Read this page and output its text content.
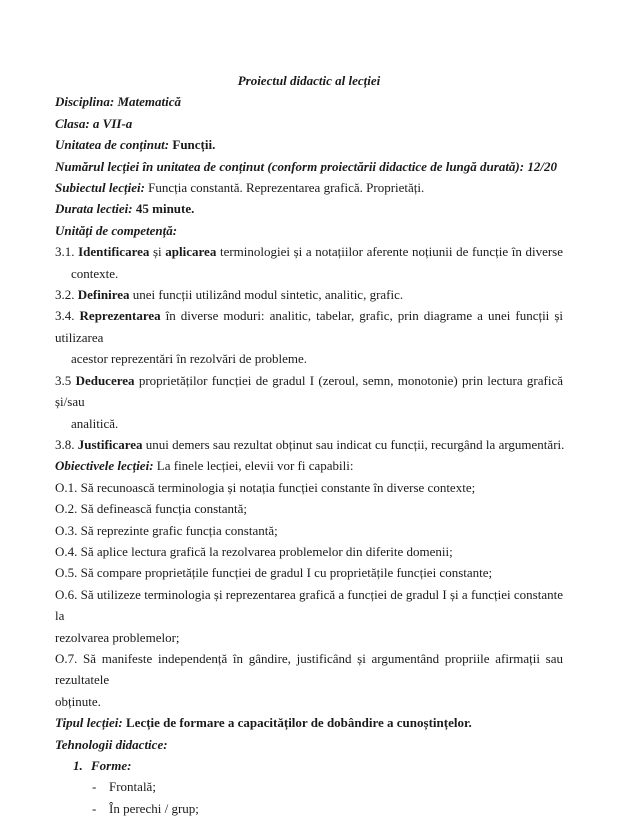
Proiectul didactic al lecției
Disciplina: Matematică
Clasa: a VII-a
Unitatea de conținut: Funcții.
Numărul lecției în unitatea de conținut (conform proiectării didactice de lungă durată): 12/20
Subiectul lecției: Funcția constantă. Reprezentarea grafică. Proprietăți.
Durata lectiei: 45 minute.
Unități de competență:
3.1. Identificarea și aplicarea terminologiei și a notațiilor aferente noțiunii de funcție în diverse
contexte.
3.2. Definirea unei funcții utilizând modul sintetic, analitic, grafic.
3.4. Reprezentarea în diverse moduri: analitic, tabelar, grafic, prin diagrame a unei funcții și utilizarea
acestor reprezentări în rezolvări de probleme.
3.5 Deducerea proprietăților funcției de gradul I (zeroul, semn, monotonie) prin lectura grafică și/sau
analitică.
3.8. Justificarea unui demers sau rezultat obținut sau indicat cu funcții, recurgând la argumentări.
Obiectivele lecției: La finele lecției, elevii vor fi capabili:
O.1. Să recunoască terminologia și notația funcției constante în diverse contexte;
O.2. Să definească funcția constantă;
O.3. Să reprezinte grafic funcția constantă;
O.4. Să aplice lectura grafică la rezolvarea problemelor din diferite domenii;
O.5. Să compare proprietățile funcției de gradul I cu proprietățile funcției constante;
O.6. Să utilizeze terminologia și reprezentarea grafică a funcției de gradul I și a funcției constante la
rezolvarea problemelor;
O.7. Să manifeste independență în gândire, justificând și argumentând propriile afirmații sau rezultatele
obținute.
Tipul lecției: Lecție de formare a capacităților de dobândire a cunoștințelor.
Tehnologii didactice:
1. Forme:
- Frontală;
- În perechi / grup;
